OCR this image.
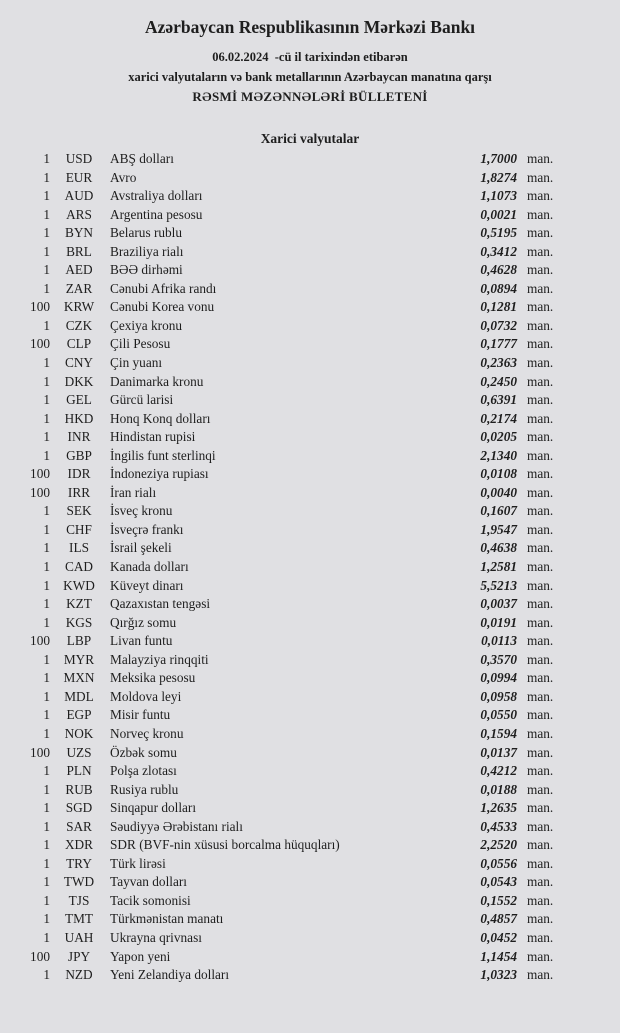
Azərbaycan Respublikasının Mərkəzi Bankı

06.02.2024  -cü il tarixindən etibarən

xarici valyutaların və bank metallarının Azərbaycan manatına qarşı

RƏSMİ MƏZƏNNƏLƏRİ BÜLLETENİ

Xarici valyutalar
1	USD	ABŞ dolları	1,7000 man.
1	EUR	Avro	1,8274 man.
1	AUD	Avstraliya dolları	1,1073 man.
1	ARS	Argentina pesosu	0,0021 man.
1	BYN	Belarus rublu	0,5195 man.
1	BRL	Braziliya rialı	0,3412 man.
1	AED	BƏƏ dirhəmi	0,4628 man.
1	ZAR	Cənubi Afrika randı	0,0894 man.
100	KRW	Cənubi Korea vonu	0,1281 man.
1	CZK	Çexiya kronu	0,0732 man.
100	CLP	Çili Pesosu	0,1777 man.
1	CNY	Çin yuanı	0,2363 man.
1	DKK	Danimarka kronu	0,2450 man.
1	GEL	Gürcü larisi	0,6391 man.
1	HKD	Honq Konq dolları	0,2174 man.
1	INR	Hindistan rupisi	0,0205 man.
1	GBP	İngilis funt sterlinqi	2,1340 man.
100	IDR	İndoneziya rupiası	0,0108 man.
100	IRR	İran rialı	0,0040 man.
1	SEK	İsveç kronu	0,1607 man.
1	CHF	İsveçrə frankı	1,9547 man.
1	ILS	İsrail şekeli	0,4638 man.
1	CAD	Kanada dolları	1,2581 man.
1 KWD	Küveyt dinarı	5,5213 man.
1	KZT	Qazaxıstan tengəsi	0,0037 man.
1	KGS	Qırğız somu	0,0191 man.
100	LBP	Livan funtu	0,0113 man.
1	MYR	Malayziya rinqqiti	0,3570 man.
1	MXN	Meksika pesosu	0,0994 man.
1	MDL	Moldova leyi	0,0958 man.
1	EGP	Misir funtu	0,0550 man.
1	NOK	Norveç kronu	0,1594 man.
100	UZS	Özbək somu	0,0137 man.
1	PLN	Polşa zlotası	0,4212 man.
1	RUB	Rusiya rublu	0,0188 man.
1	SGD	Sinqapur dolları	1,2635 man.
1	SAR	Səudiyyə Ərəbistanı rialı	0,4533 man.
1	XDR	SDR (BVF-nin xüsusi borcalma hüquqları)	2,2520 man.
1	TRY	Türk lirəsi	0,0556 man.
1	TWD	Tayvan dolları	0,0543 man.
1	TJS	Tacik somonisi	0,1552 man.
1	TMT	Türkmənistan manatı	0,4857 man.
1	UAH	Ukrayna qrivnası	0,0452 man.
100	JPY	Yapon yeni	1,1454 man.
1	NZD	Yeni Zelandiya dolları	1,0323 man.
